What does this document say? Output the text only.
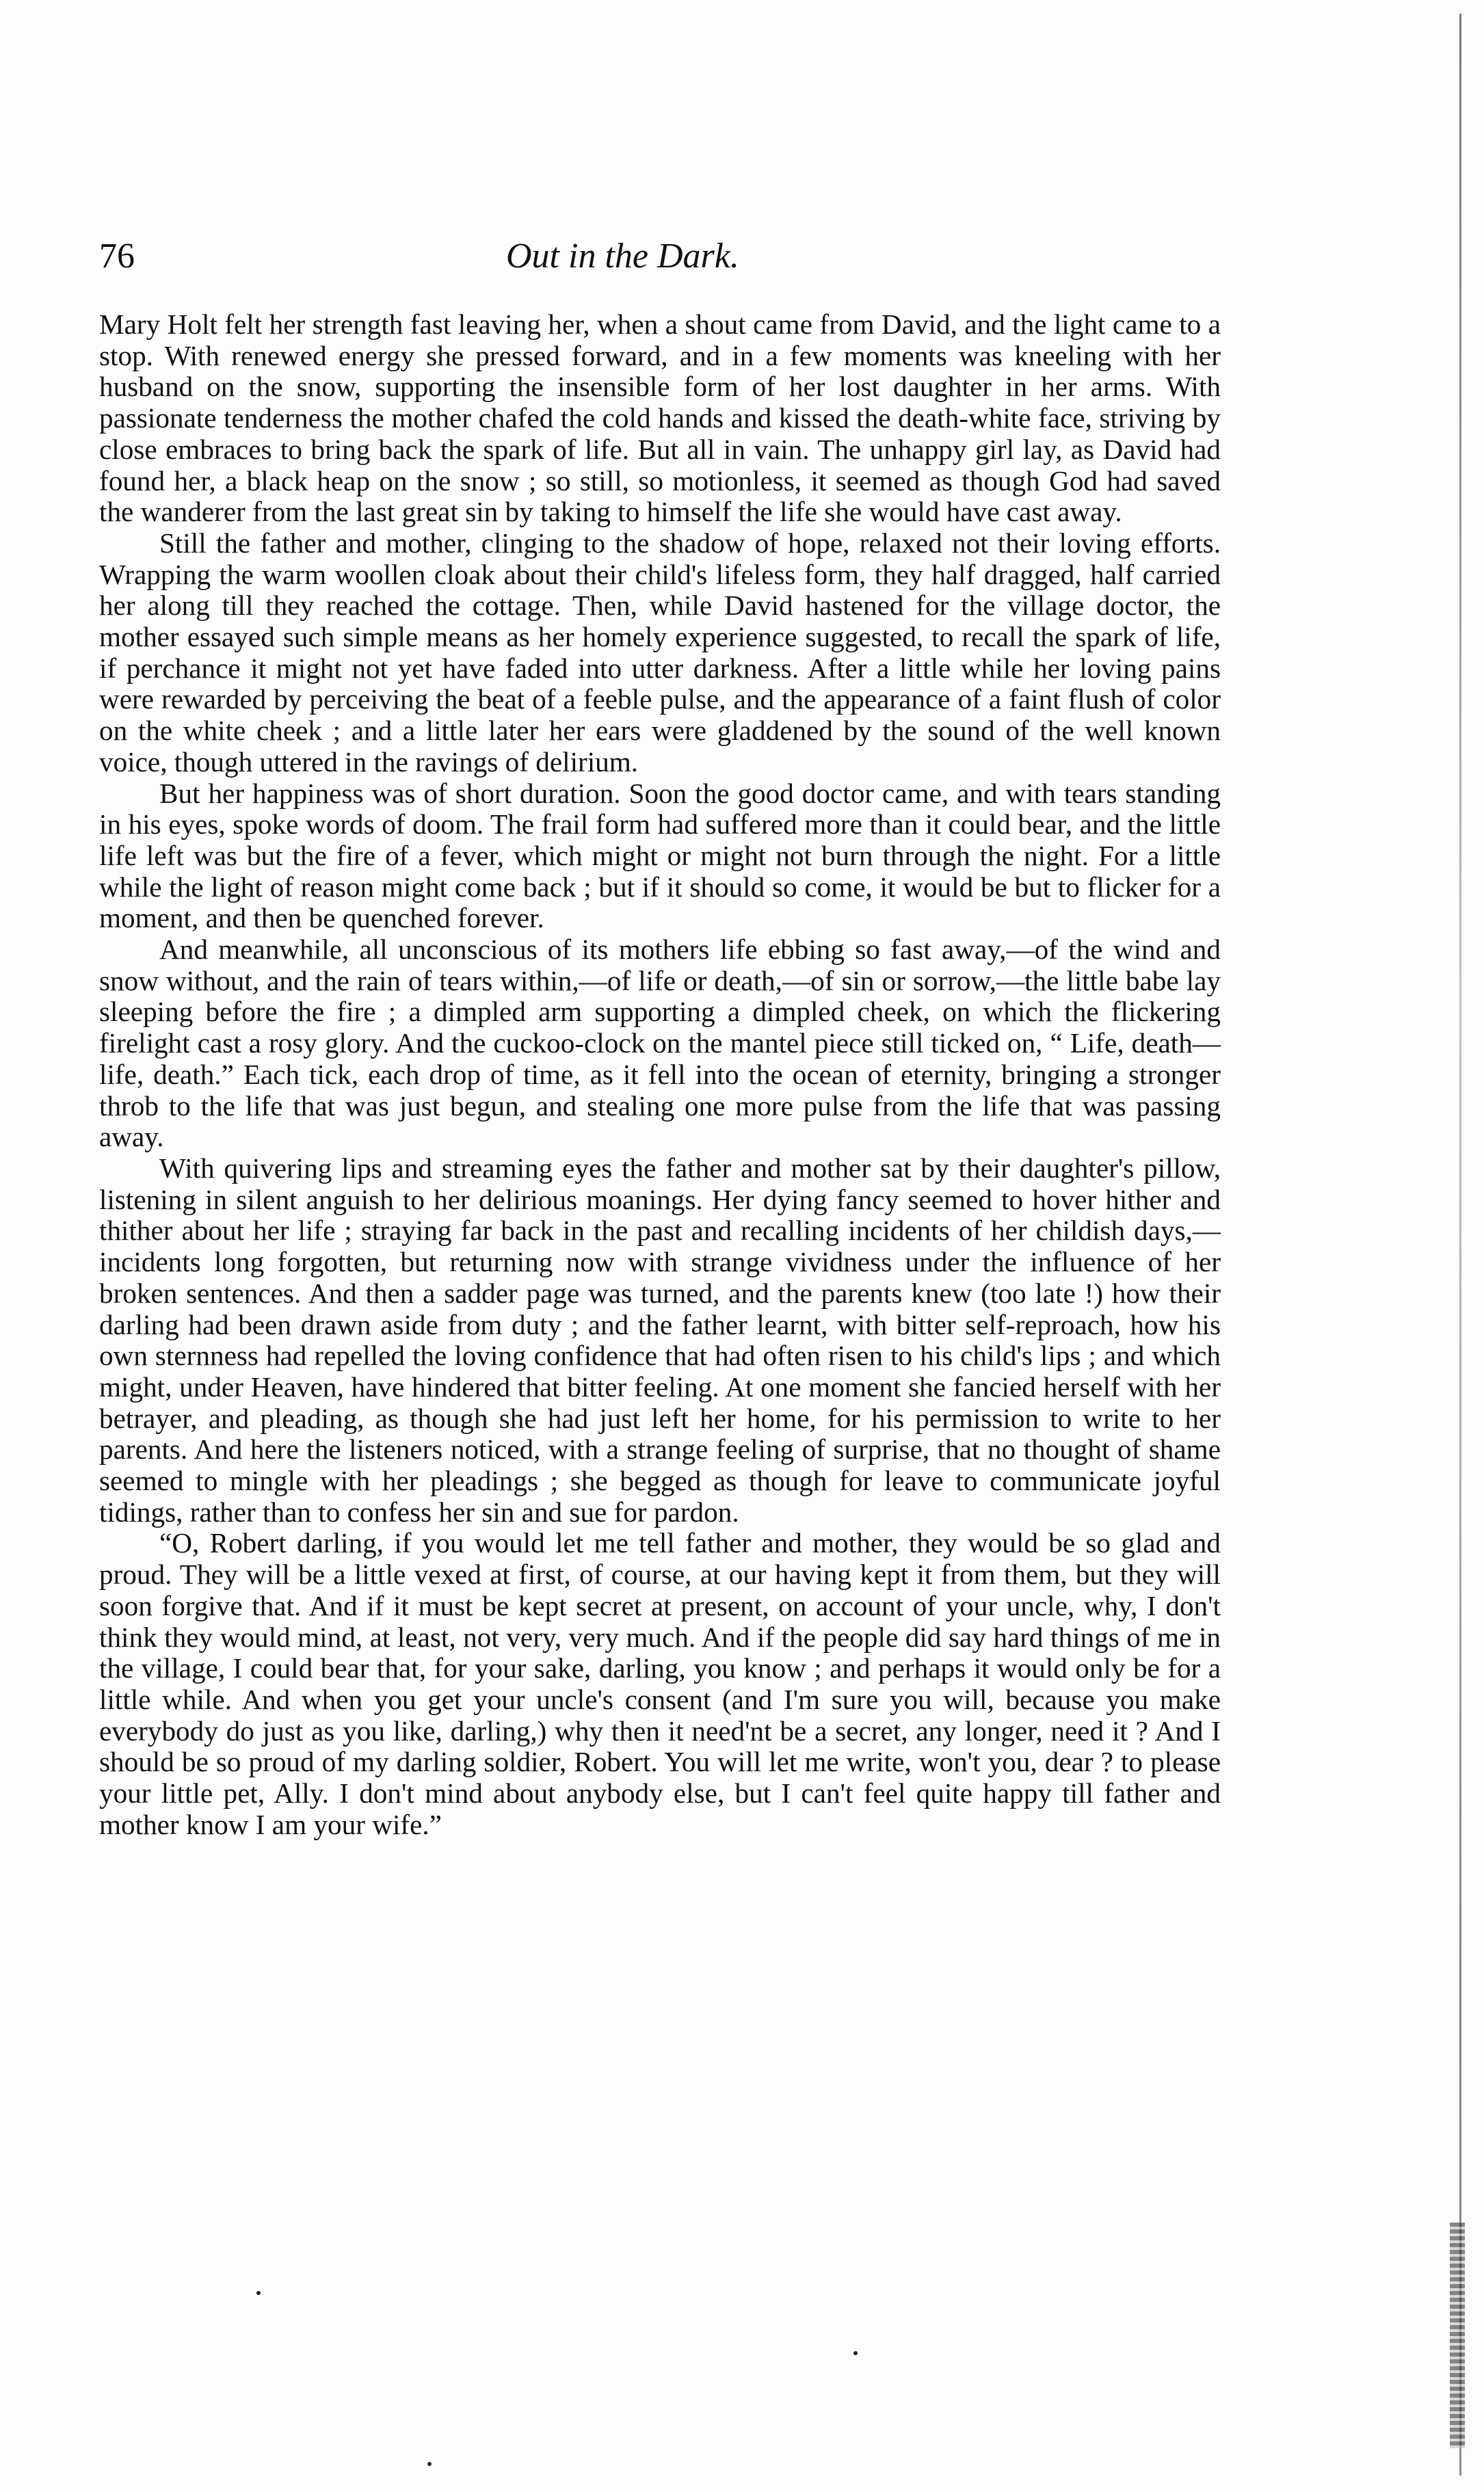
76	Out in the Dark.

Mary Holt felt her strength fast leaving her, when a shout came from David, and the light came to a stop. With renewed energy she pressed forward, and in a few moments was kneeling with her husband on the snow, supporting the insensible form of her lost daughter in her arms. With passionate tenderness the mother chafed the cold hands and kissed the death-white face, striving by close embraces to bring back the spark of life. But all in vain. The unhappy girl lay, as David had found her, a black heap on the snow ; so still, so motionless, it seemed as though God had saved the wanderer from the last great sin by taking to himself the life she would have cast away.

Still the father and mother, clinging to the shadow of hope, relaxed not their loving efforts. Wrapping the warm woollen cloak about their child's lifeless form, they half dragged, half carried her along till they reached the cottage. Then, while David hastened for the village doctor, the mother essayed such simple means as her homely experience suggested, to recall the spark of life, if perchance it might not yet have faded into utter darkness. After a little while her loving pains were rewarded by perceiving the beat of a feeble pulse, and the appearance of a faint flush of color on the white cheek ; and a little later her ears were gladdened by the sound of the well known voice, though uttered in the ravings of delirium.

But her happiness was of short duration. Soon the good doctor came, and with tears standing in his eyes, spoke words of doom. The frail form had suffered more than it could bear, and the little life left was but the fire of a fever, which might or might not burn through the night. For a little while the light of reason might come back ; but if it should so come, it would be but to flicker for a moment, and then be quenched forever.

And meanwhile, all unconscious of its mothers life ebbing so fast away,—of the wind and snow without, and the rain of tears within,—of life or death,—of sin or sorrow,—the little babe lay sleeping before the fire ; a dimpled arm supporting a dimpled cheek, on which the flickering firelight cast a rosy glory. And the cuckoo-clock on the mantel piece still ticked on, “ Life, death—life, death.” Each tick, each drop of time, as it fell into the ocean of eternity, bringing a stronger throb to the life that was just begun, and stealing one more pulse from the life that was passing away.

With quivering lips and streaming eyes the father and mother sat by their daughter's pillow, listening in silent anguish to her delirious moanings. Her dying fancy seemed to hover hither and thither about her life ; straying far back in the past and recalling incidents of her childish days,—incidents long forgotten, but returning now with strange vividness under the influence of her broken sentences. And then a sadder page was turned, and the parents knew (too late !) how their darling had been drawn aside from duty ; and the father learnt, with bitter self-reproach, how his own sternness had repelled the loving confidence that had often risen to his child's lips ; and which might, under Heaven, have hindered that bitter feeling. At one moment she fancied herself with her betrayer, and pleading, as though she had just left her home, for his permission to write to her parents. And here the listeners noticed, with a strange feeling of surprise, that no thought of shame seemed to mingle with her pleadings ; she begged as though for leave to communicate joyful tidings, rather than to confess her sin and sue for pardon.

“O, Robert darling, if you would let me tell father and mother, they would be so glad and proud. They will be a little vexed at first, of course, at our having kept it from them, but they will soon forgive that. And if it must be kept secret at present, on account of your uncle, why, I don't think they would mind, at least, not very, very much. And if the people did say hard things of me in the village, I could bear that, for your sake, darling, you know ; and perhaps it would only be for a little while. And when you get your uncle's consent (and I'm sure you will, because you make everybody do just as you like, darling,) why then it need'nt be a secret, any longer, need it ? And I should be so proud of my darling soldier, Robert. You will let me write, won't you, dear ? to please your little pet, Ally. I don't mind about anybody else, but I can't feel quite happy till father and mother know I am your wife.”
